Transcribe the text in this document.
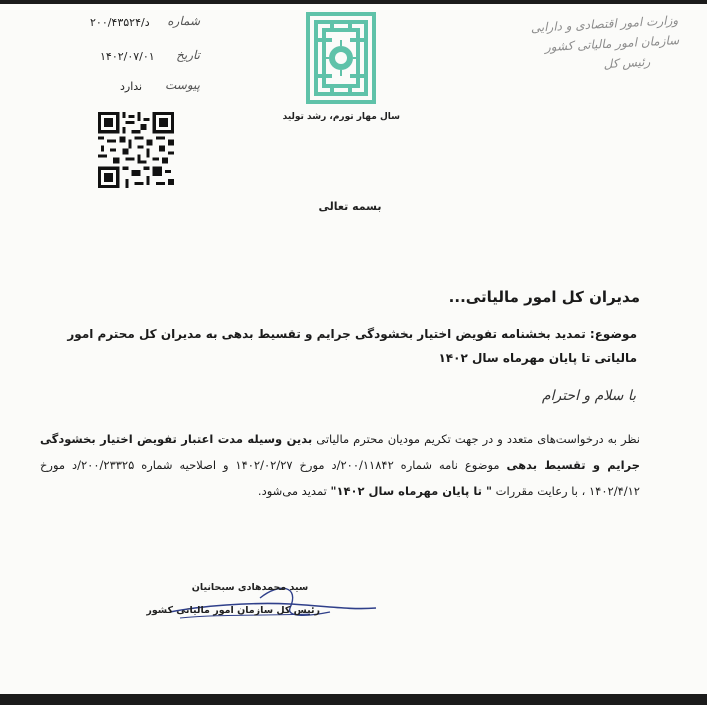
د/۲۰۰/۴۳۵۲۴ شماره
۱۴۰۲/۰۷/۰۱ تاریخ
ندارد پیوست
وزارت امور اقتصادی و دارایی
سازمان امور مالیاتی کشور
رئیس کل
سال مهار تورم، رشد تولید
بسمه تعالی
مدیران کل امور مالیاتی...
موضوع: تمدید بخشنامه تفویض اختیار بخشودگی جرایم و تقسیط بدهی به مدیران کل محترم امور مالیاتی تا پایان مهرماه سال ۱۴۰۲
با سلام و احترام
نظر به درخواست‌های متعدد و در جهت تکریم مودیان محترم مالیاتی بدین وسیله مدت اعتبار تفویض اختیار بخشودگی جرایم و تقسیط بدهی موضوع نامه شماره ۲۰۰/۱۱۸۴۲/د مورخ ۱۴۰۲/۰۲/۲۷ و اصلاحیه شماره ۲۰۰/۲۳۳۲۵/د مورخ ۱۴۰۲/۴/۱۲ ، با رعایت مقررات " تا پایان مهرماه سال ۱۴۰۲" تمدید می‌شود.
سید محمدهادی سبحانیان
رئیس کل سازمان امور مالیاتی کشور
